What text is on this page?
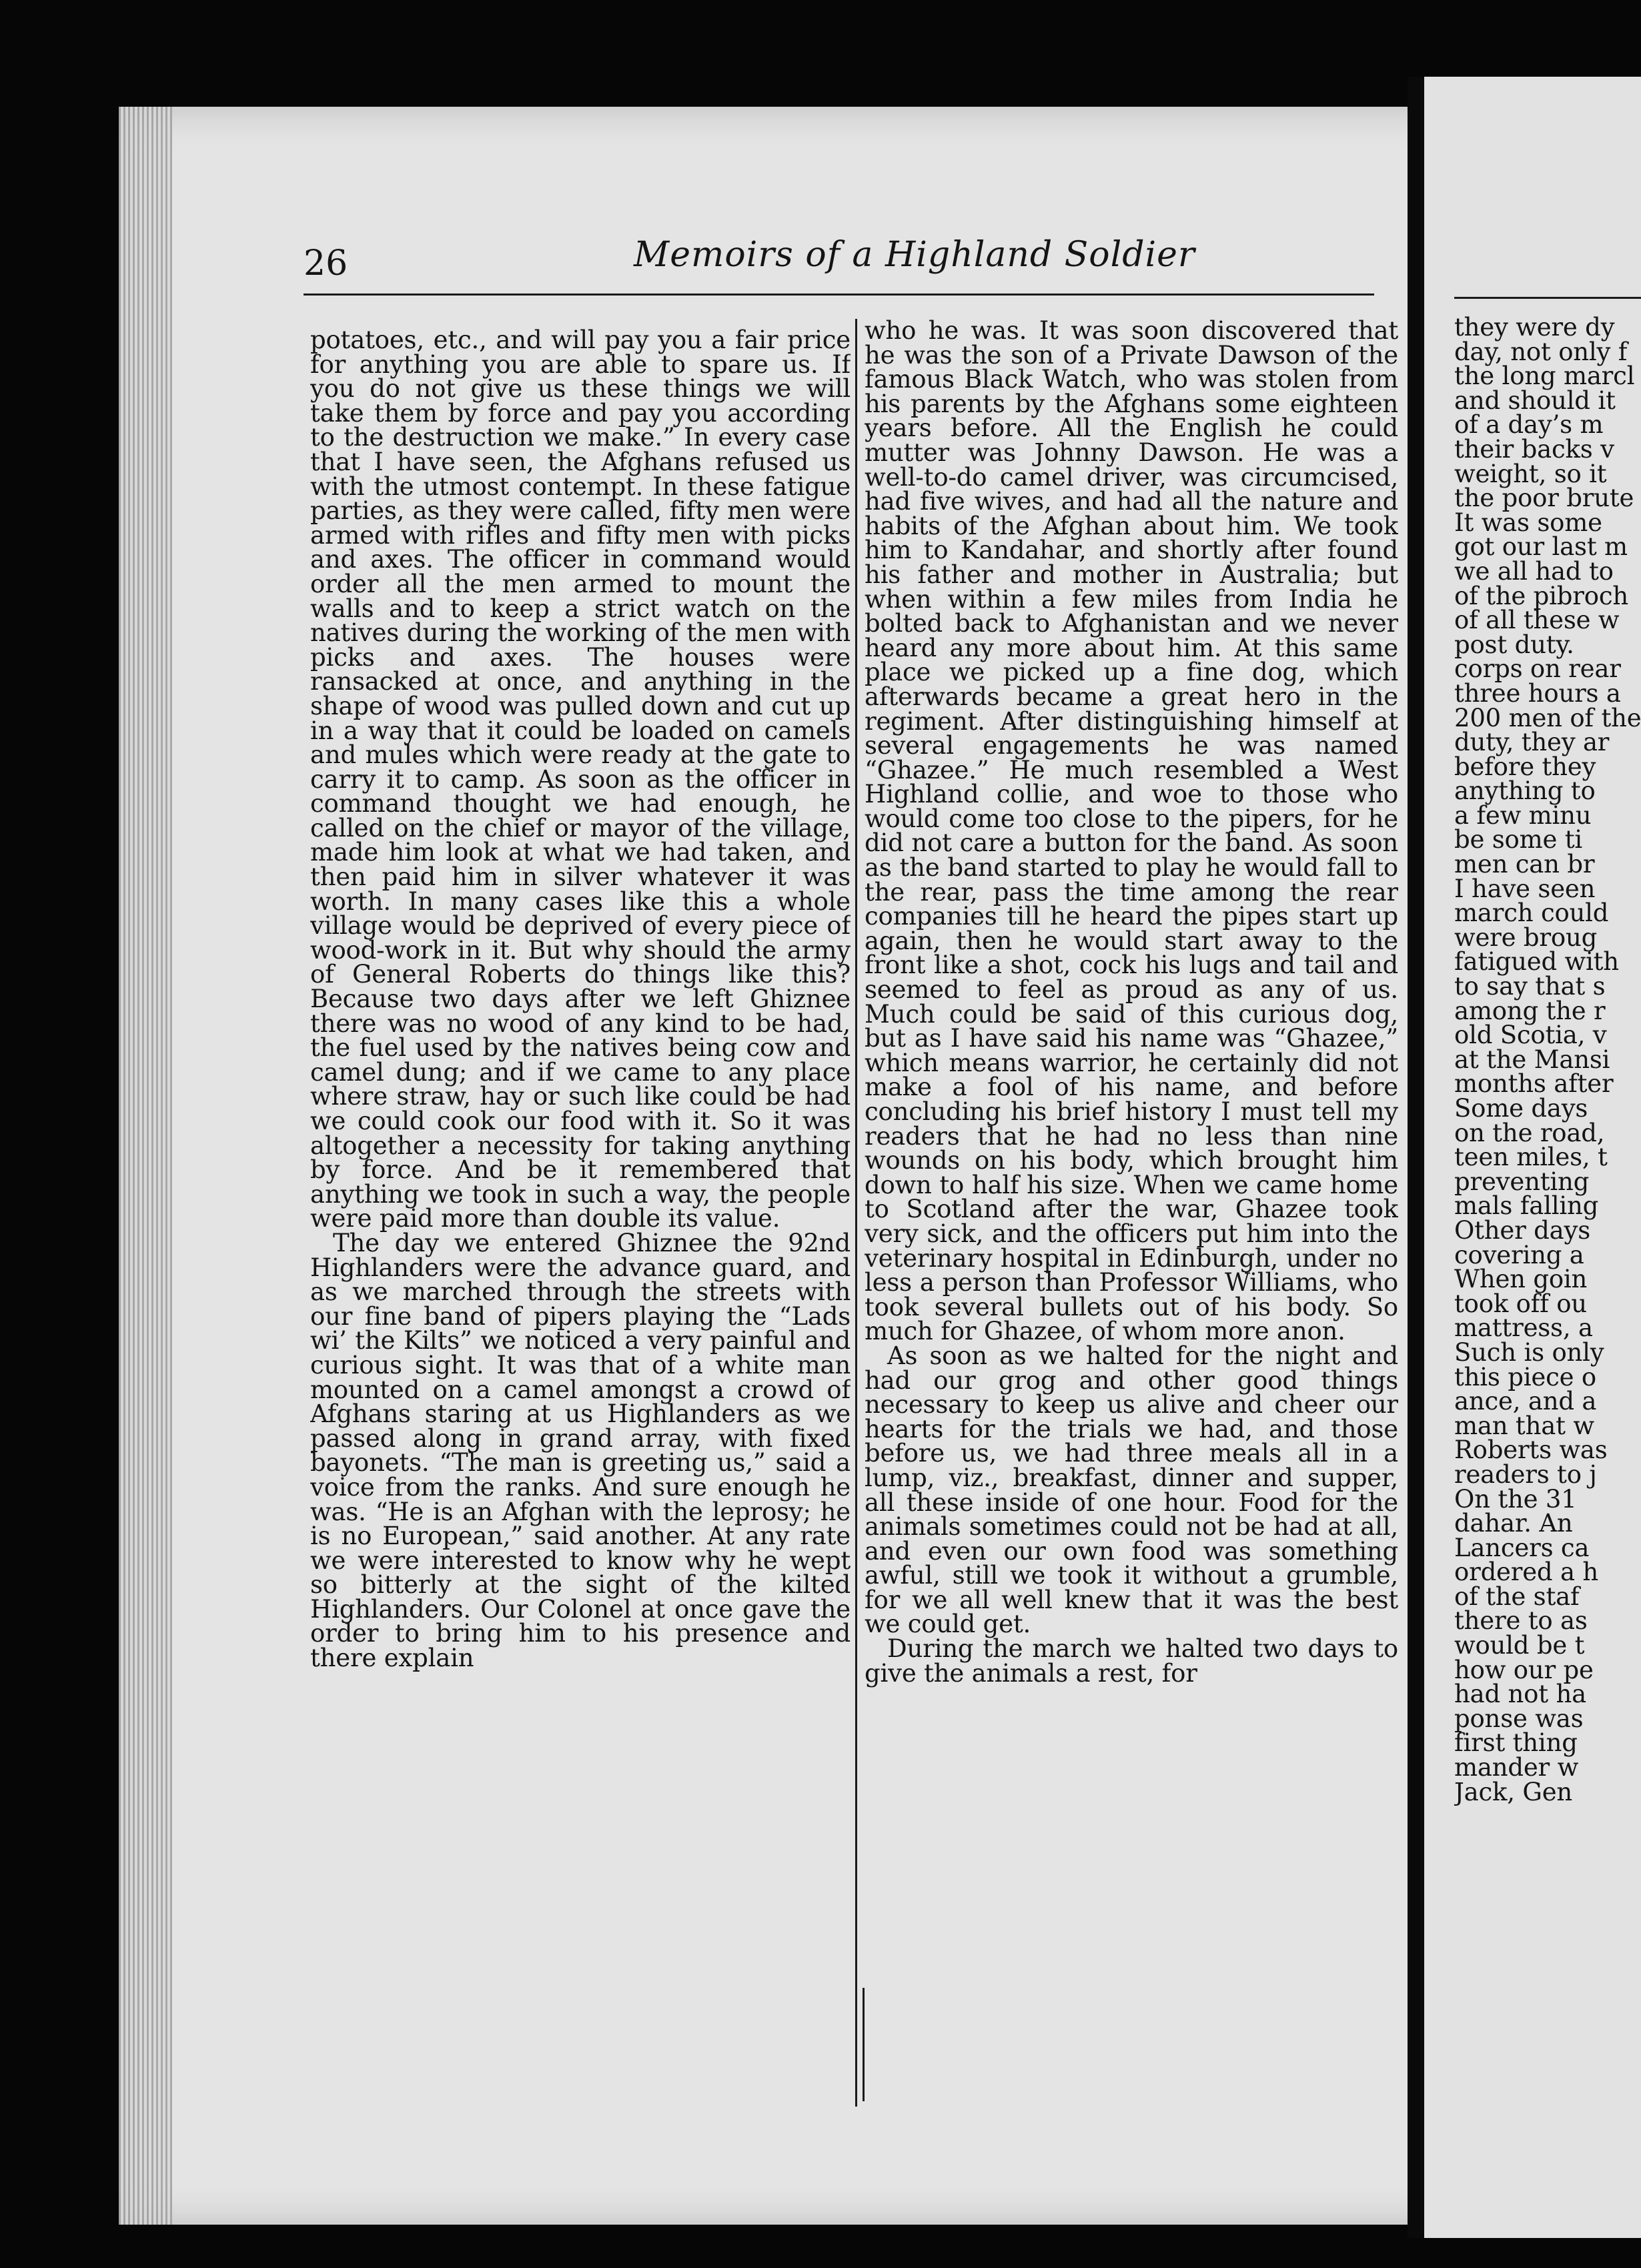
they were dy

day, not only f

the long marcl

and should it

of a day’s m

their backs v

weight, so it

the poor brute

It was some

got our last m

we all had to

of the pibroch

of all these w

post duty.

corps on rear

three hours a

200 men of the

duty, they ar

before they

anything to

a few minu

be some ti

men can br

I have seen

march could

were broug

fatigued with

to say that s

among the r

old Scotia, v

at the Mansi

months after

Some days

on the road,

teen miles, t

preventing

mals falling

Other days

covering a

When goin

took off ou

mattress, a

Such is only

this piece o

ance, and a

man that w

Roberts was

readers to j

On the 31

dahar. An

Lancers ca

ordered a h

of the staf

there to as

would be t

how our pe

had not ha

ponse was

first thing

mander w

Jack, Gen

26	Memoirs of a Highland Soldier

potatoes, etc., and will pay you a fair price for anything you are able to spare us. If you do not give us these things we will take them by force and pay you according to the destruction we make.” In every case that I have seen, the Afghans refused us with the utmost contempt. In these fatigue parties, as they were called, fifty men were armed with rifles and fifty men with picks and axes. The officer in command would order all the men armed to mount the walls and to keep a strict watch on the natives during the working of the men with picks and axes. The houses were ransacked at once, and anything in the shape of wood was pulled down and cut up in a way that it could be loaded on camels and mules which were ready at the gate to carry it to camp. As soon as the officer in command thought we had enough, he called on the chief or mayor of the village, made him look at what we had taken, and then paid him in silver whatever it was worth. In many cases like this a whole village would be deprived of every piece of wood-work in it. But why should the army of General Roberts do things like this? Because two days after we left Ghiznee there was no wood of any kind to be had, the fuel used by the natives being cow and camel dung; and if we came to any place where straw, hay or such like could be had we could cook our food with it. So it was altogether a necessity for taking anything by force. And be it remembered that anything we took in such a way, the people were paid more than double its value.

The day we entered Ghiznee the 92nd Highlanders were the advance guard, and as we marched through the streets with our fine band of pipers playing the “Lads wi’ the Kilts” we noticed a very painful and curious sight. It was that of a white man mounted on a camel amongst a crowd of Afghans staring at us Highlanders as we passed along in grand array, with fixed bayonets. “The man is greeting us,” said a voice from the ranks. And sure enough he was. “He is an Afghan with the leprosy; he is no European,” said another. At any rate we were interested to know why he wept so bitterly at the sight of the kilted Highlanders. Our Colonel at once gave the order to bring him to his presence and there explain

who he was. It was soon discovered that he was the son of a Private Dawson of the famous Black Watch, who was stolen from his parents by the Afghans some eighteen years before. All the English he could mutter was Johnny Dawson. He was a well-to-do camel driver, was circumcised, had five wives, and had all the nature and habits of the Afghan about him. We took him to Kandahar, and shortly after found his father and mother in Australia; but when within a few miles from India he bolted back to Afghanistan and we never heard any more about him. At this same place we picked up a fine dog, which afterwards became a great hero in the regiment. After distinguishing himself at several engagements he was named “Ghazee.” He much resembled a West Highland collie, and woe to those who would come too close to the pipers, for he did not care a button for the band. As soon as the band started to play he would fall to the rear, pass the time among the rear companies till he heard the pipes start up again, then he would start away to the front like a shot, cock his lugs and tail and seemed to feel as proud as any of us. Much could be said of this curious dog, but as I have said his name was “Ghazee,” which means warrior, he certainly did not make a fool of his name, and before concluding his brief history I must tell my readers that he had no less than nine wounds on his body, which brought him down to half his size. When we came home to Scotland after the war, Ghazee took very sick, and the officers put him into the veterinary hospital in Edinburgh, under no less a person than Professor Williams, who took several bullets out of his body. So much for Ghazee, of whom more anon.

As soon as we halted for the night and had our grog and other good things necessary to keep us alive and cheer our hearts for the trials we had, and those before us, we had three meals all in a lump, viz., breakfast, dinner and supper, all these inside of one hour. Food for the animals sometimes could not be had at all, and even our own food was something awful, still we took it without a grumble, for we all well knew that it was the best we could get.

During the march we halted two days to give the animals a rest, for
